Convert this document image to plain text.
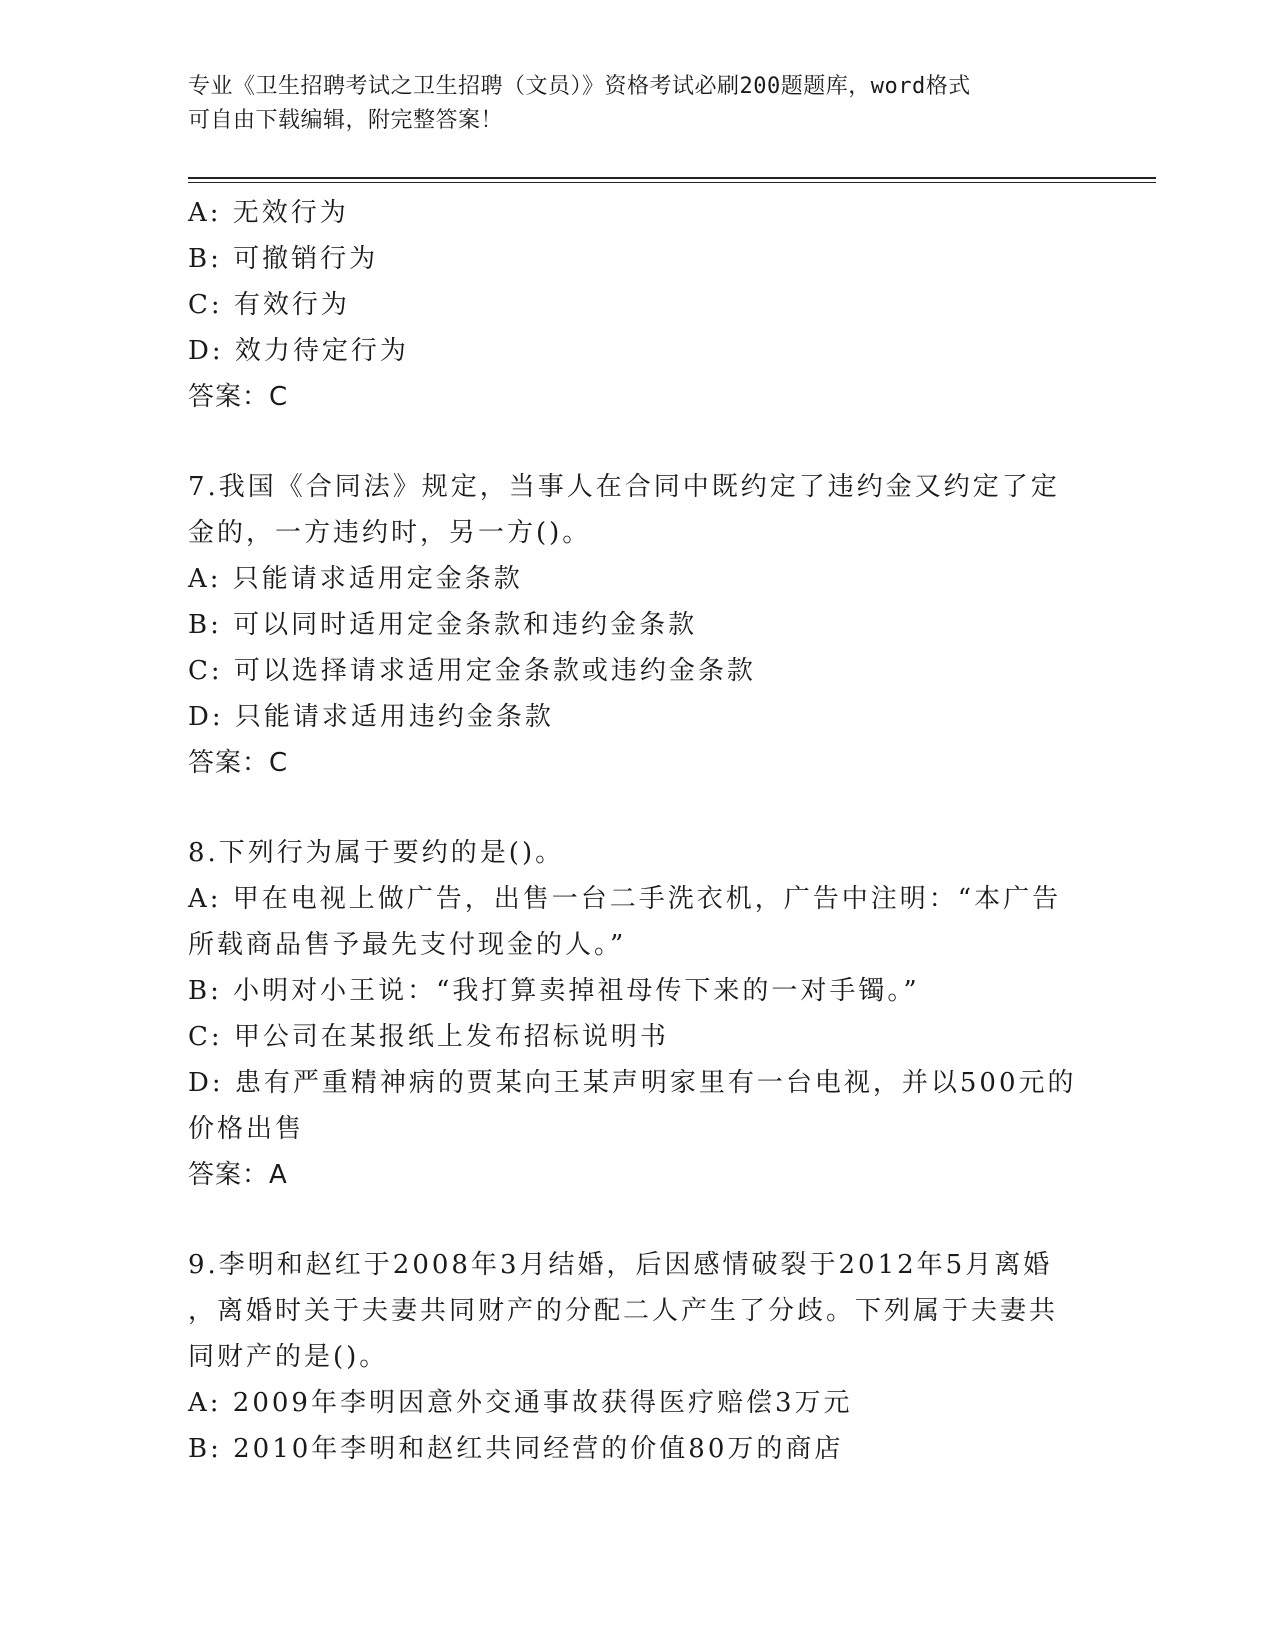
专业《卫生招聘考试之卫生招聘（文员）》资格考试必刷200题题库，word格式
可自由下载编辑，附完整答案！
A: 无效行为
B: 可撤销行为
C: 有效行为
D: 效力待定行为
答案：C
7.我国《合同法》规定，当事人在合同中既约定了违约金又约定了定
金的，一方违约时，另一方()。
A: 只能请求适用定金条款
B: 可以同时适用定金条款和违约金条款
C: 可以选择请求适用定金条款或违约金条款
D: 只能请求适用违约金条款
答案：C
8.下列行为属于要约的是()。
A: 甲在电视上做广告，出售一台二手洗衣机，广告中注明：“本广告
所载商品售予最先支付现金的人。”
B: 小明对小王说：“我打算卖掉祖母传下来的一对手镯。”
C: 甲公司在某报纸上发布招标说明书
D: 患有严重精神病的贾某向王某声明家里有一台电视，并以500元的
价格出售
答案：A
9.李明和赵红于2008年3月结婚，后因感情破裂于2012年5月离婚
，离婚时关于夫妻共同财产的分配二人产生了分歧。下列属于夫妻共
同财产的是()。
A: 2009年李明因意外交通事故获得医疗赔偿3万元
B: 2010年李明和赵红共同经营的价值80万的商店
